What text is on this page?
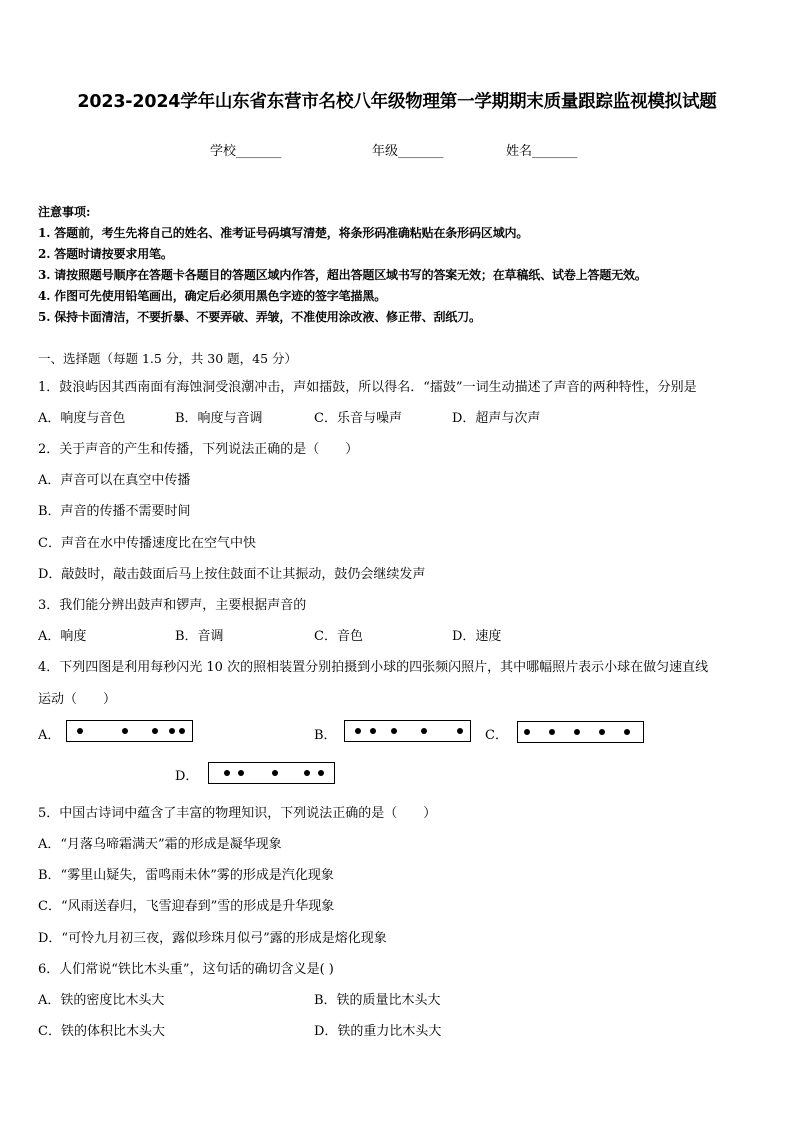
2023-2024学年山东省东营市名校八年级物理第一学期期末质量跟踪监视模拟试题
学校_______	年级_______	姓名_______
注意事项:
1. 答题前，考生先将自己的姓名、准考证号码填写清楚，将条形码准确粘贴在条形码区域内。
2. 答题时请按要求用笔。
3. 请按照题号顺序在答题卡各题目的答题区域内作答，超出答题区域书写的答案无效；在草稿纸、试卷上答题无效。
4. 作图可先使用铅笔画出，确定后必须用黑色字迹的签字笔描黑。
5. 保持卡面清洁，不要折暴、不要弄破、弄皱，不准使用涂改液、修正带、刮纸刀。
一、选择题（每题 1.5 分，共 30 题，45 分）
1．鼓浪屿因其西南面有海蚀洞受浪潮冲击，声如擂鼓，所以得名．“擂鼓”一词生动描述了声音的两种特性，分别是
A．响度与音色	B．响度与音调	C．乐音与噪声	D．超声与次声
2．关于声音的产生和传播，下列说法正确的是（　　）
A．声音可以在真空中传播
B．声音的传播不需要时间
C．声音在水中传播速度比在空气中快
D．敲鼓时，敲击鼓面后马上按住鼓面不让其振动，鼓仍会继续发声
3．我们能分辨出鼓声和锣声，主要根据声音的
A．响度	B．音调	C．音色	D．速度
4．下列四图是利用每秒闪光 10 次的照相装置分别拍摄到小球的四张频闪照片，其中哪幅照片表示小球在做匀速直线
运动（　　）
A．	B．	C．
D．
5．中国古诗词中蕴含了丰富的物理知识，下列说法正确的是（　　）
A．“月落乌啼霜满天”霜的形成是凝华现象
B．“雾里山疑失，雷鸣雨未休”雾的形成是汽化现象
C．“风雨送春归，飞雪迎春到”雪的形成是升华现象
D．“可怜九月初三夜，露似珍珠月似弓”露的形成是熔化现象
6．人们常说“铁比木头重”，这句话的确切含义是( )
A．铁的密度比木头大	B．铁的质量比木头大
C．铁的体积比木头大	D．铁的重力比木头大
